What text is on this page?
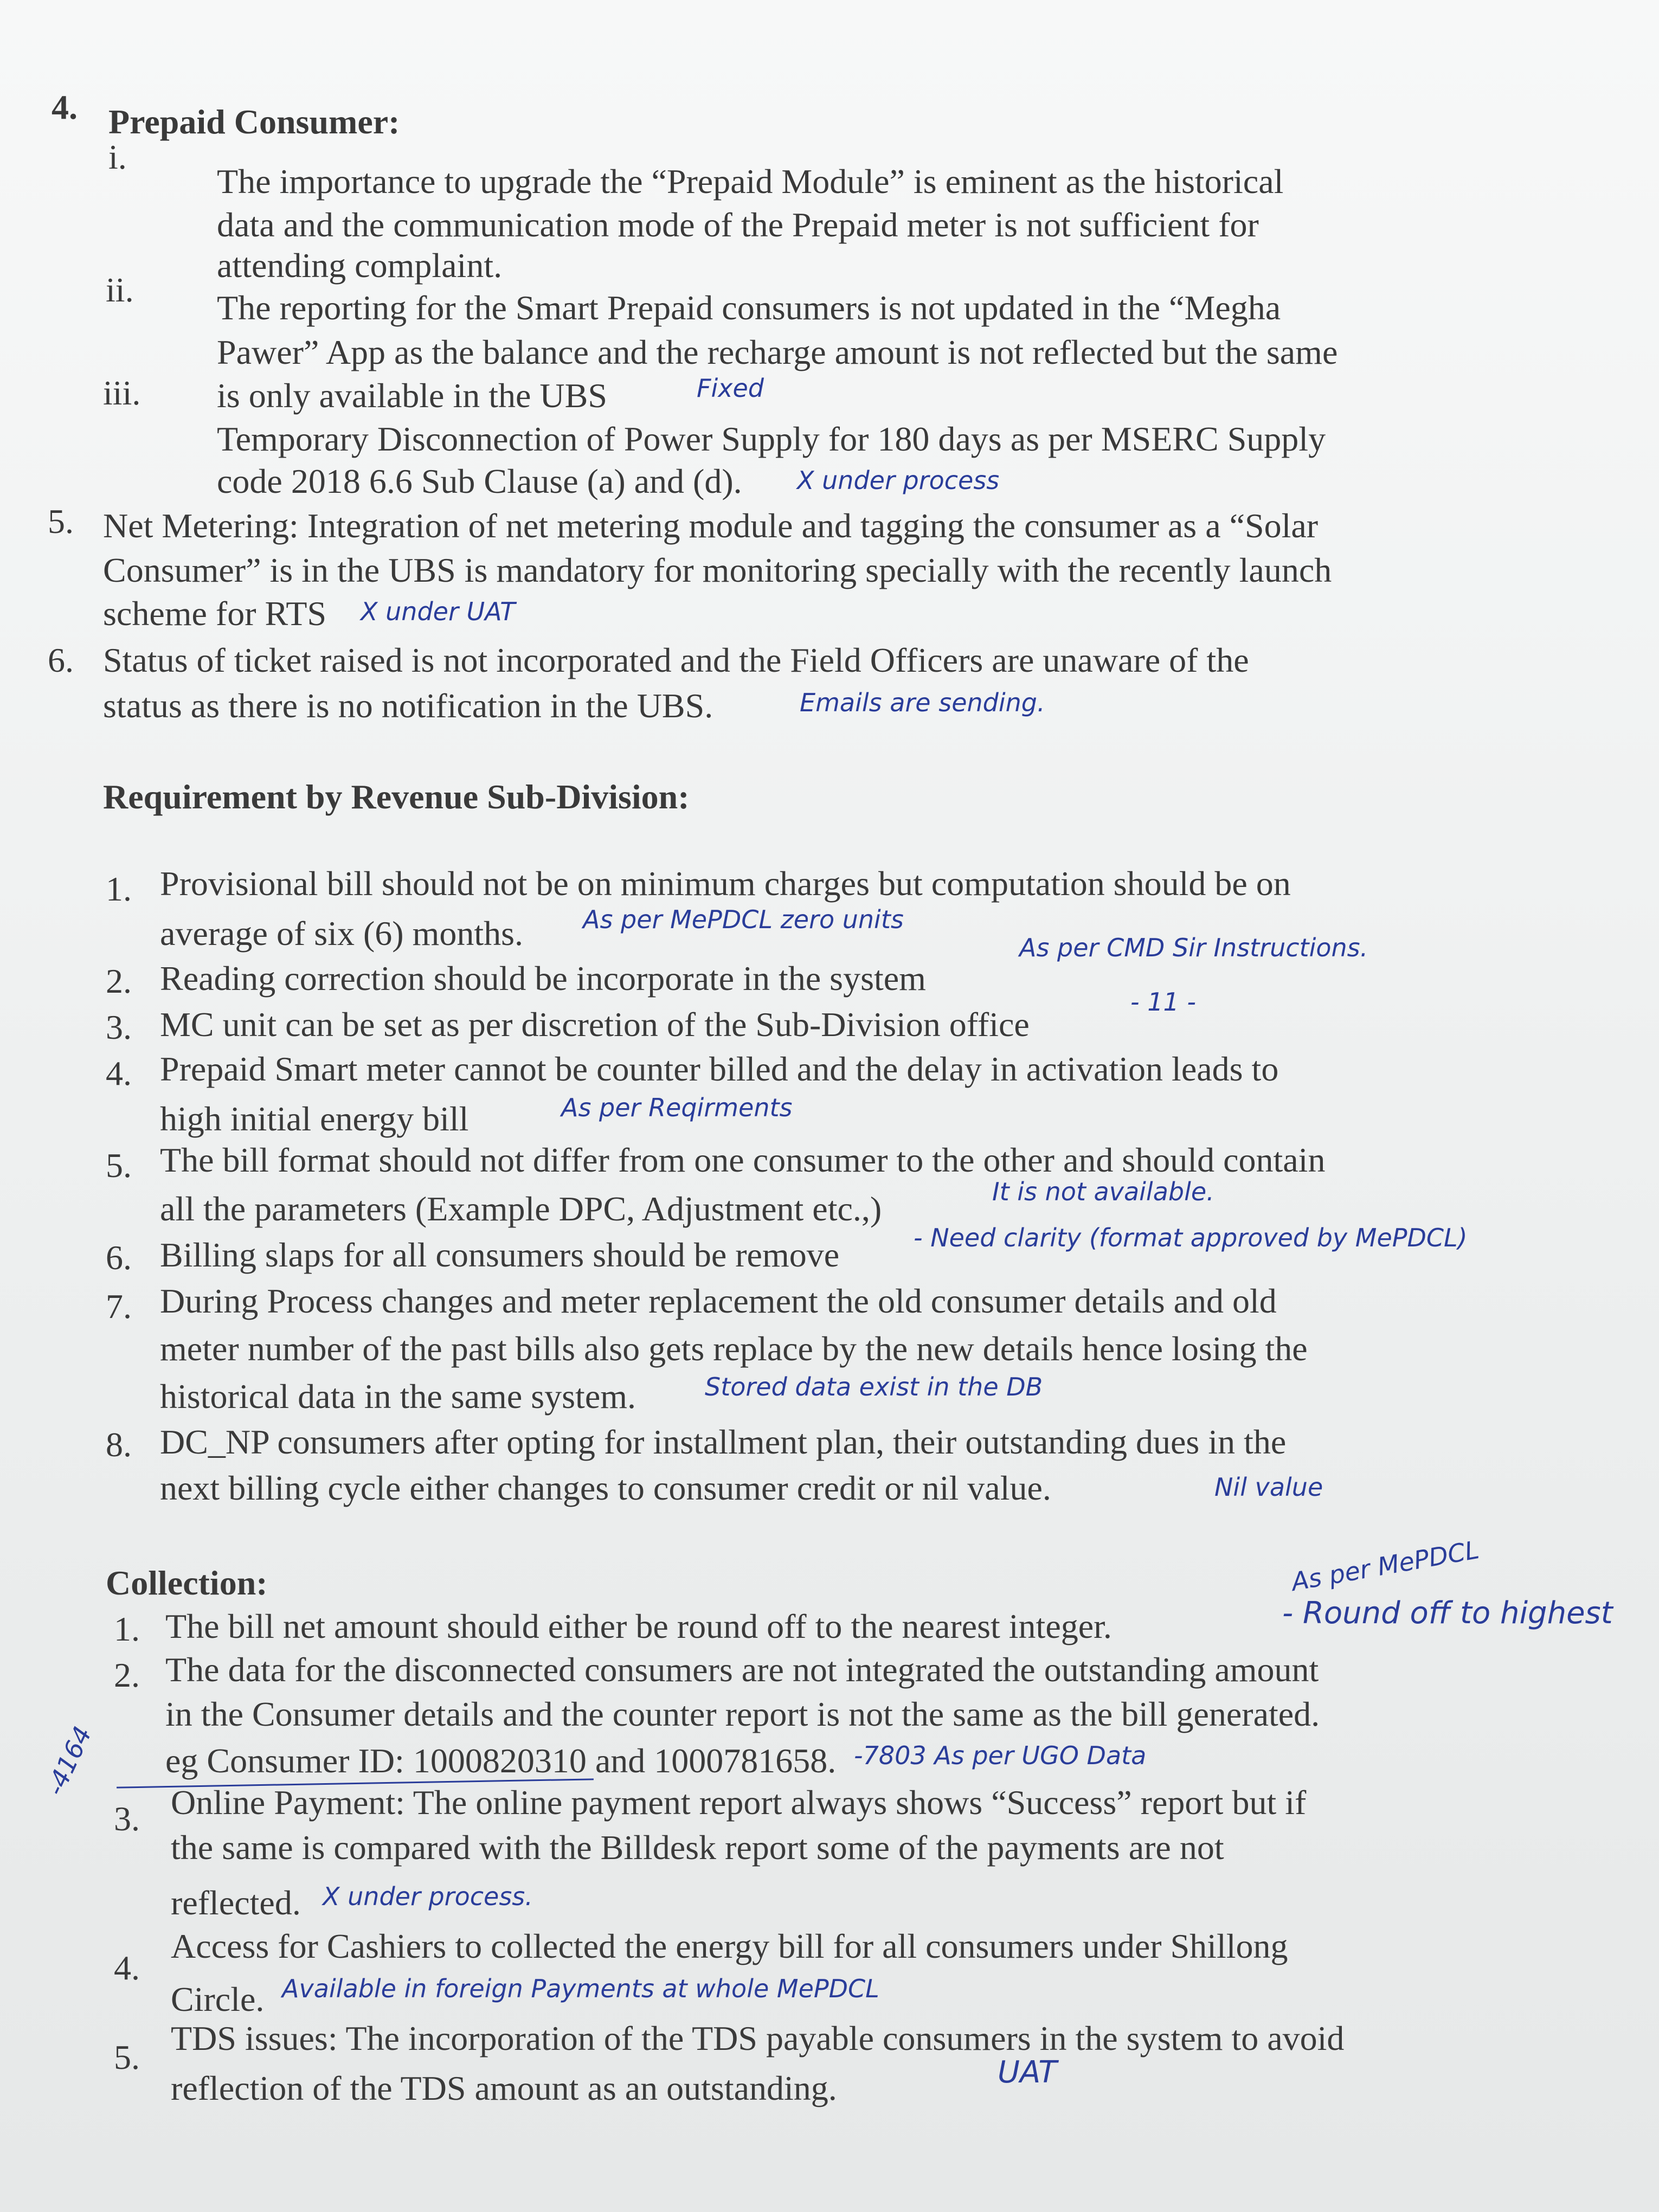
4. Prepaid Consumer:
i.
The importance to upgrade the “Prepaid Module” is eminent as the historical
data and the communication mode of the Prepaid meter is not sufficient for
attending complaint.
ii. The reporting for the Smart Prepaid consumers is not updated in the “Megha
Pawer” App as the balance and the recharge amount is not reflected but the same
is only available in the UBS	Fixed
iii.
Temporary Disconnection of Power Supply for 180 days as per MSERC Supply
code 2018 6.6 Sub Clause (a) and (d). X under process
5. Net Metering: Integration of net metering module and tagging the consumer as a “Solar
Consumer” is in the UBS is mandatory for monitoring specially with the recently launch
scheme for RTS X under UAT
6. Status of ticket raised is not incorporated and the Field Officers are unaware of the
status as there is no notification in the UBS.	Emails are sending.
Requirement by Revenue Sub-Division:
1. Provisional bill should not be on minimum charges but computation should be on
average of six (6) months. As per MePDCL zero units
2. Reading correction should be incorporate in the system
As per CMD Sir Instructions.
3. MC unit can be set as per discretion of the Sub-Division office
- 11 -
4. Prepaid Smart meter cannot be counter billed and the delay in activation leads to
high initial energy bill	As per Reqirments
5. The bill format should not differ from one consumer to the other and should contain
all the parameters (Example DPC, Adjustment etc.,)	It is not available.
6. Billing slaps for all consumers should be remove	- Need clarity (format approved by MePDCL)
7. During Process changes and meter replacement the old consumer details and old
meter number of the past bills also gets replace by the new details hence losing the
historical data in the same system.	Stored data exist in the DB
8. DC_NP consumers after opting for installment plan, their outstanding dues in the
next billing cycle either changes to consumer credit or nil value.	Nil value
Collection:	As per MePDCL
1. The bill net amount should either be round off to the nearest integer.	- Round off to highest
2. The data for the disconnected consumers are not integrated the outstanding amount
in the Consumer details and the counter report is not the same as the bill generated.
eg Consumer ID: 1000820310 and 1000781658. -7803 As per UGO Data
-4164
3. Online Payment: The online payment report always shows “Success” report but if
the same is compared with the Billdesk report some of the payments are not
reflected. X under process.
4.
Access for Cashiers to collected the energy bill for all consumers under Shillong
Circle. Available in foreign Payments at whole MePDCL
5. TDS issues: The incorporation of the TDS payable consumers in the system to avoid
reflection of the TDS amount as an outstanding.	UAT
